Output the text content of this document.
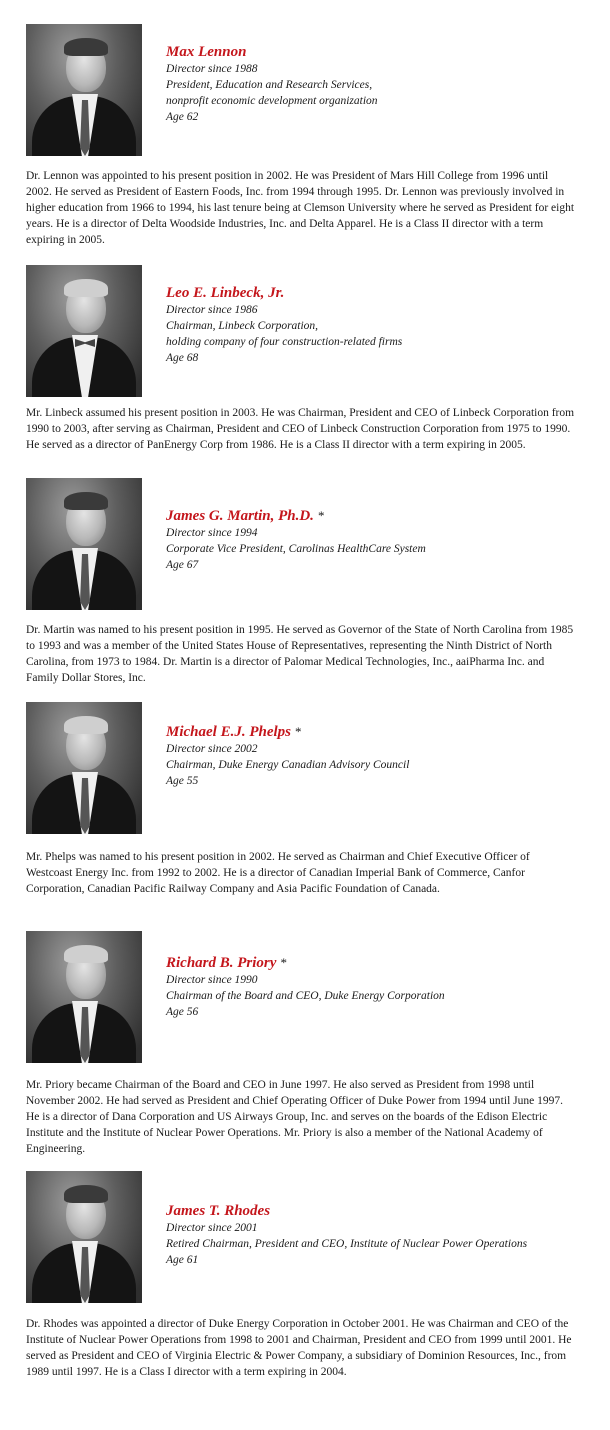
Max Lennon
Director since 1988
President, Education and Research Services,
nonprofit economic development organization
Age 62
Dr. Lennon was appointed to his present position in 2002. He was President of Mars Hill College from 1996 until 2002. He served as President of Eastern Foods, Inc. from 1994 through 1995. Dr. Lennon was previously involved in higher education from 1966 to 1994, his last tenure being at Clemson University where he served as President for eight years. He is a director of Delta Woodside Industries, Inc. and Delta Apparel. He is a Class II director with a term expiring in 2005.
Leo E. Linbeck, Jr.
Director since 1986
Chairman, Linbeck Corporation,
holding company of four construction-related firms
Age 68
Mr. Linbeck assumed his present position in 2003. He was Chairman, President and CEO of Linbeck Corporation from 1990 to 2003, after serving as Chairman, President and CEO of Linbeck Construction Corporation from 1975 to 1990. He served as a director of PanEnergy Corp from 1986. He is a Class II director with a term expiring in 2005.
James G. Martin, Ph.D. *
Director since 1994
Corporate Vice President, Carolinas HealthCare System
Age 67
Dr. Martin was named to his present position in 1995. He served as Governor of the State of North Carolina from 1985 to 1993 and was a member of the United States House of Representatives, representing the Ninth District of North Carolina, from 1973 to 1984. Dr. Martin is a director of Palomar Medical Technologies, Inc., aaiPharma Inc. and Family Dollar Stores, Inc.
Michael E.J. Phelps *
Director since 2002
Chairman, Duke Energy Canadian Advisory Council
Age 55
Mr. Phelps was named to his present position in 2002. He served as Chairman and Chief Executive Officer of Westcoast Energy Inc. from 1992 to 2002. He is a director of Canadian Imperial Bank of Commerce, Canfor Corporation, Canadian Pacific Railway Company and Asia Pacific Foundation of Canada.
Richard B. Priory *
Director since 1990
Chairman of the Board and CEO, Duke Energy Corporation
Age 56
Mr. Priory became Chairman of the Board and CEO in June 1997. He also served as President from 1998 until November 2002. He had served as President and Chief Operating Officer of Duke Power from 1994 until June 1997. He is a director of Dana Corporation and US Airways Group, Inc. and serves on the boards of the Edison Electric Institute and the Institute of Nuclear Power Operations. Mr. Priory is also a member of the National Academy of Engineering.
James T. Rhodes
Director since 2001
Retired Chairman, President and CEO, Institute of Nuclear Power Operations
Age 61
Dr. Rhodes was appointed a director of Duke Energy Corporation in October 2001. He was Chairman and CEO of the Institute of Nuclear Power Operations from 1998 to 2001 and Chairman, President and CEO from 1999 until 2001. He served as President and CEO of Virginia Electric & Power Company, a subsidiary of Dominion Resources, Inc., from 1989 until 1997. He is a Class I director with a term expiring in 2004.
